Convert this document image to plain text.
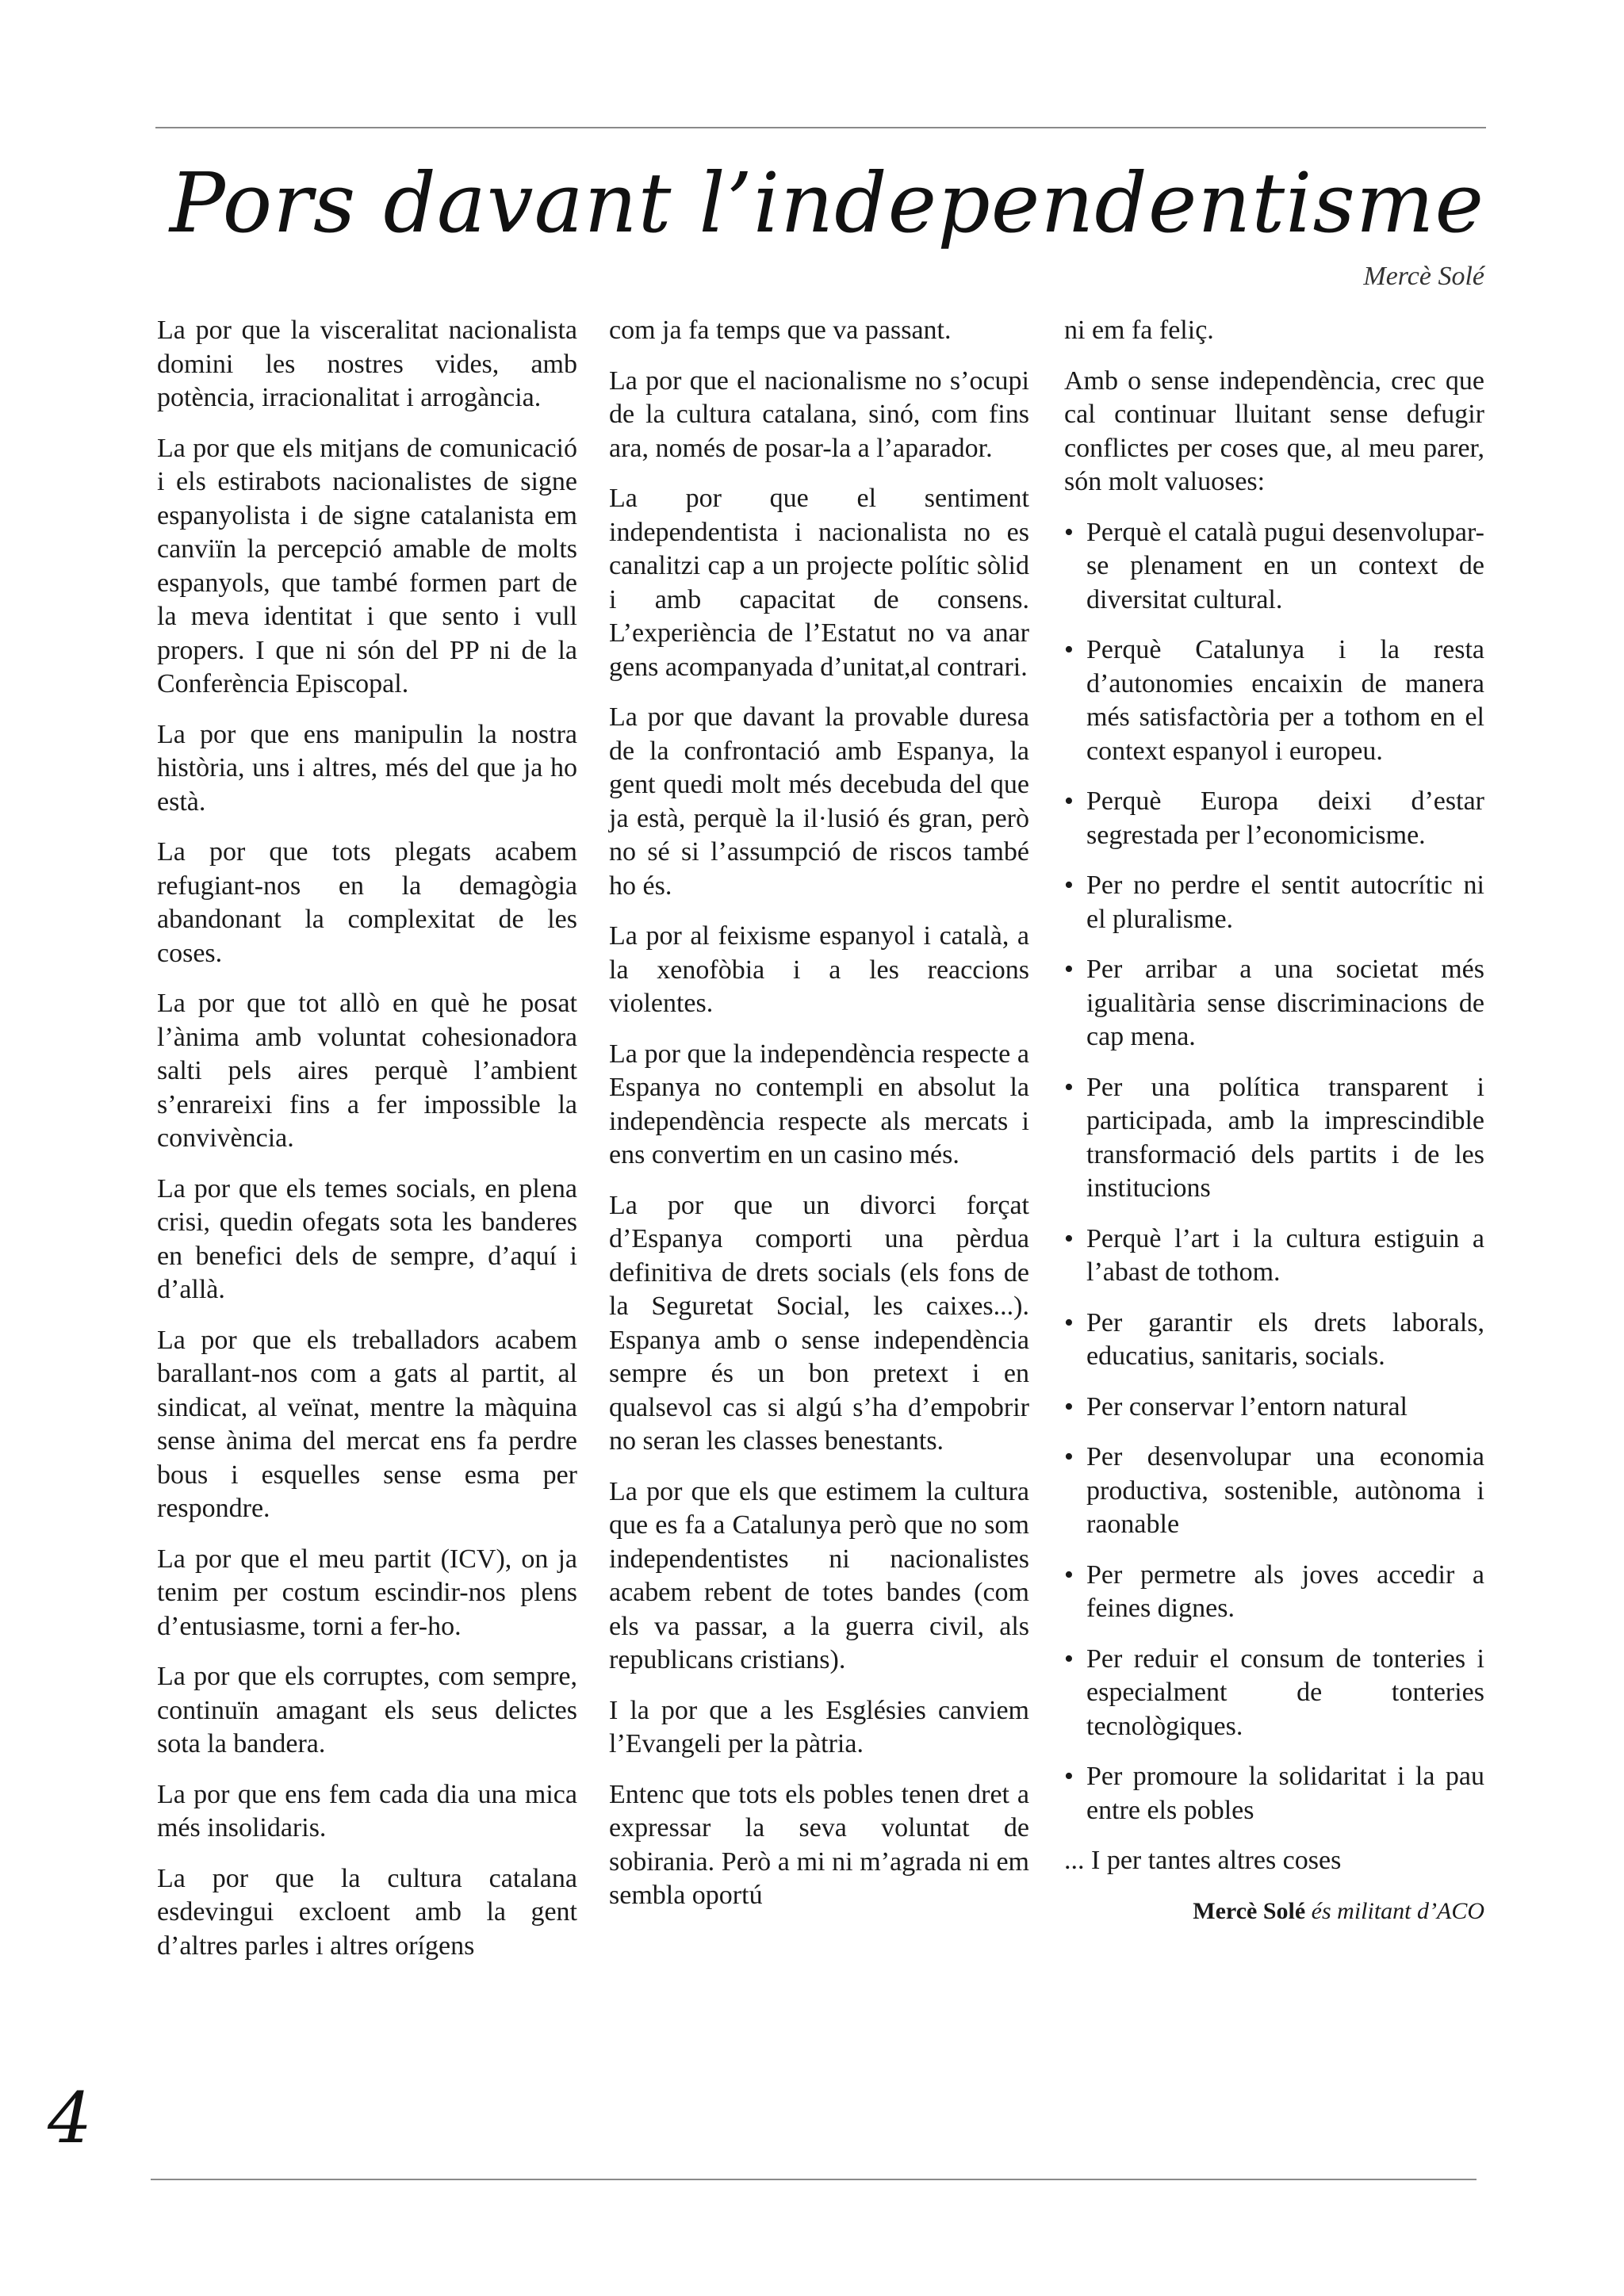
Pors davant l’independentisme

Mercè Solé

La por que la visceralitat nacionalista domini les nostres vides, amb potència, irracionalitat i arrogància.

La por que els mitjans de comunicació i els estirabots nacionalistes de signe espanyolista i de signe catalanista em canviïn la percepció amable de molts espanyols, que també formen part de la meva identitat i que sento i vull propers. I que ni són del PP ni de la Conferència Episcopal.

La por que ens manipulin la nostra història, uns i altres, més del que ja ho està.

La por que tots plegats acabem refugiant-nos en la demagògia abandonant la complexitat de les coses.

La por que tot allò en què he posat l’ànima amb voluntat cohesionadora salti pels aires perquè l’ambient s’enrareixi fins a fer impossible la convivència.

La por que els temes socials, en plena crisi, quedin ofegats sota les banderes en benefici dels de sempre, d’aquí i d’allà.

La por que els treballadors acabem barallant-nos com a gats al partit, al sindicat, al veïnat, mentre la màquina sense ànima del mercat ens fa perdre bous i esquelles sense esma per respondre.

La por que el meu partit (ICV), on ja tenim per costum escindir-nos plens d’entusiasme, torni a fer-ho.

La por que els corruptes, com sempre, continuïn amagant els seus delictes sota la bandera.

La por que ens fem cada dia una mica més insolidaris.

La por que la cultura catalana esdevingui excloent amb la gent d’altres parles i altres orígens

com ja fa temps que va passant.

La por que el nacionalisme no s’ocupi de la cultura catalana, sinó, com fins ara, només de posar-la a l’aparador.

La por que el sentiment independentista i nacionalista no es canalitzi cap a un projecte polític sòlid i amb capacitat de consens. L’experiència de l’Estatut no va anar gens acompanyada d’unitat,al contrari.

La por que davant la provable duresa de la confrontació amb Espanya, la gent quedi molt més decebuda del que ja està, perquè la il·lusió és gran, però no sé si l’assumpció de riscos també ho és.

La por al feixisme espanyol i català, a la xenofòbia i a les reaccions violentes.

La por que la independència respecte a Espanya no contempli en absolut la independència respecte als mercats i ens convertim en un casino més.

La por que un divorci forçat d’Espanya comporti una pèrdua definitiva de drets socials (els fons de la Seguretat Social, les caixes...). Espanya amb o sense independència sempre és un bon pretext i en qualsevol cas si algú s’ha d’empobrir no seran les classes benestants.

La por que els que estimem la cultura que es fa a Catalunya però que no som independentistes ni nacionalistes acabem rebent de totes bandes (com els va passar, a la guerra civil, als republicans cristians).

I la por que a les Esglésies canviem l’Evangeli per la pàtria.

Entenc que tots els pobles tenen dret a expressar la seva voluntat de sobirania. Però a mi ni m’agrada ni em sembla oportú

ni em fa feliç.

Amb o sense independència, crec que cal continuar lluitant sense defugir conflictes per coses que, al meu parer, són molt valuoses:

• Perquè el català pugui desenvolupar-se plenament en un context de diversitat cultural.
• Perquè Catalunya i la resta d’autonomies encaixin de manera més satisfactòria per a tothom en el context espanyol i europeu.
• Perquè Europa deixi d’estar segrestada per l’economicisme.
• Per no perdre el sentit autocrític ni el pluralisme.
• Per arribar a una societat més igualitària sense discriminacions de cap mena.
• Per una política transparent i participada, amb la imprescindible transformació dels partits i de les institucions
• Perquè l’art i la cultura estiguin a l’abast de tothom.
• Per garantir els drets laborals, educatius, sanitaris, socials.
• Per conservar l’entorn natural
• Per desenvolupar una economia productiva, sostenible, autònoma i raonable
• Per permetre als joves accedir a feines dignes.
• Per reduir el consum de tonteries i especialment de tonteries tecnològiques.
• Per promoure la solidaritat i la pau entre els pobles

... I per tantes altres coses

Mercè Solé és militant d’ACO

4
